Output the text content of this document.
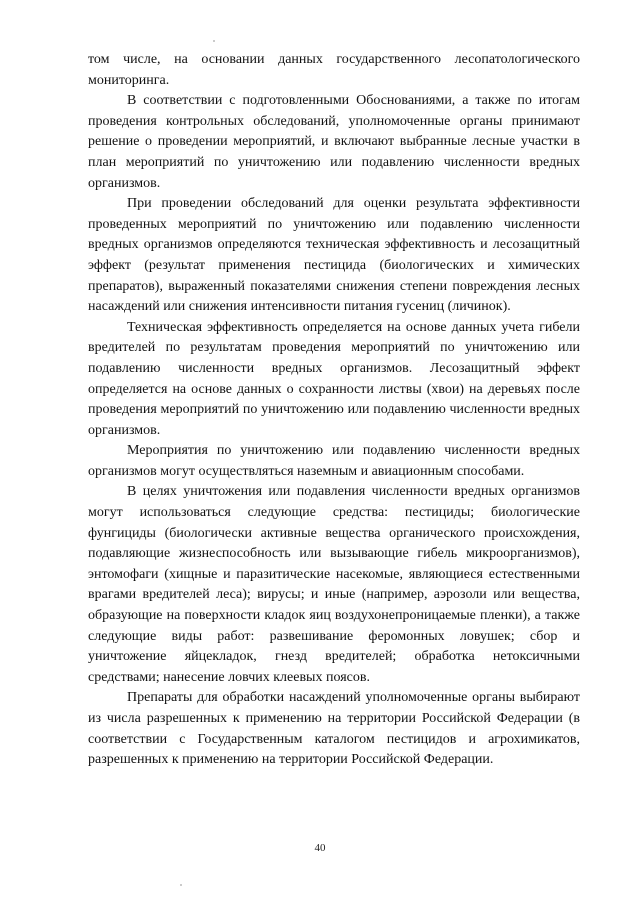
том числе, на основании данных государственного лесопатологического мониторинга.

В соответствии с подготовленными Обоснованиями, а также по итогам проведения контрольных обследований, уполномоченные органы принимают решение о проведении мероприятий, и включают выбранные лесные участки в план мероприятий по уничтожению или подавлению численности вредных организмов.

При проведении обследований для оценки результата эффективности проведенных мероприятий по уничтожению или подавлению численности вредных организмов определяются техническая эффективность и лесозащитный эффект (результат применения пестицида (биологических и химических препаратов), выраженный показателями снижения степени повреждения лесных насаждений или снижения интенсивности питания гусениц (личинок).

Техническая эффективность определяется на основе данных учета гибели вредителей по результатам проведения мероприятий по уничтожению или подавлению численности вредных организмов. Лесозащитный эффект определяется на основе данных о сохранности листвы (хвои) на деревьях после проведения мероприятий по уничтожению или подавлению численности вредных организмов.

Мероприятия по уничтожению или подавлению численности вредных организмов могут осуществляться наземным и авиационным способами.

В целях уничтожения или подавления численности вредных организмов могут использоваться следующие средства: пестициды; биологические фунгициды (биологически активные вещества органического происхождения, подавляющие жизнеспособность или вызывающие гибель микроорганизмов), энтомофаги (хищные и паразитические насекомые, являющиеся естественными врагами вредителей леса); вирусы; и иные (например, аэрозоли или вещества, образующие на поверхности кладок яиц воздухонепроницаемые пленки), а также следующие виды работ: развешивание феромонных ловушек; сбор и уничтожение яйцекладок, гнезд вредителей; обработка нетоксичными средствами; нанесение ловчих клеевых поясов.

Препараты для обработки насаждений уполномоченные органы выбирают из числа разрешенных к применению на территории Российской Федерации (в соответствии с Государственным каталогом пестицидов и агрохимикатов, разрешенных к применению на территории Российской Федерации.

40
